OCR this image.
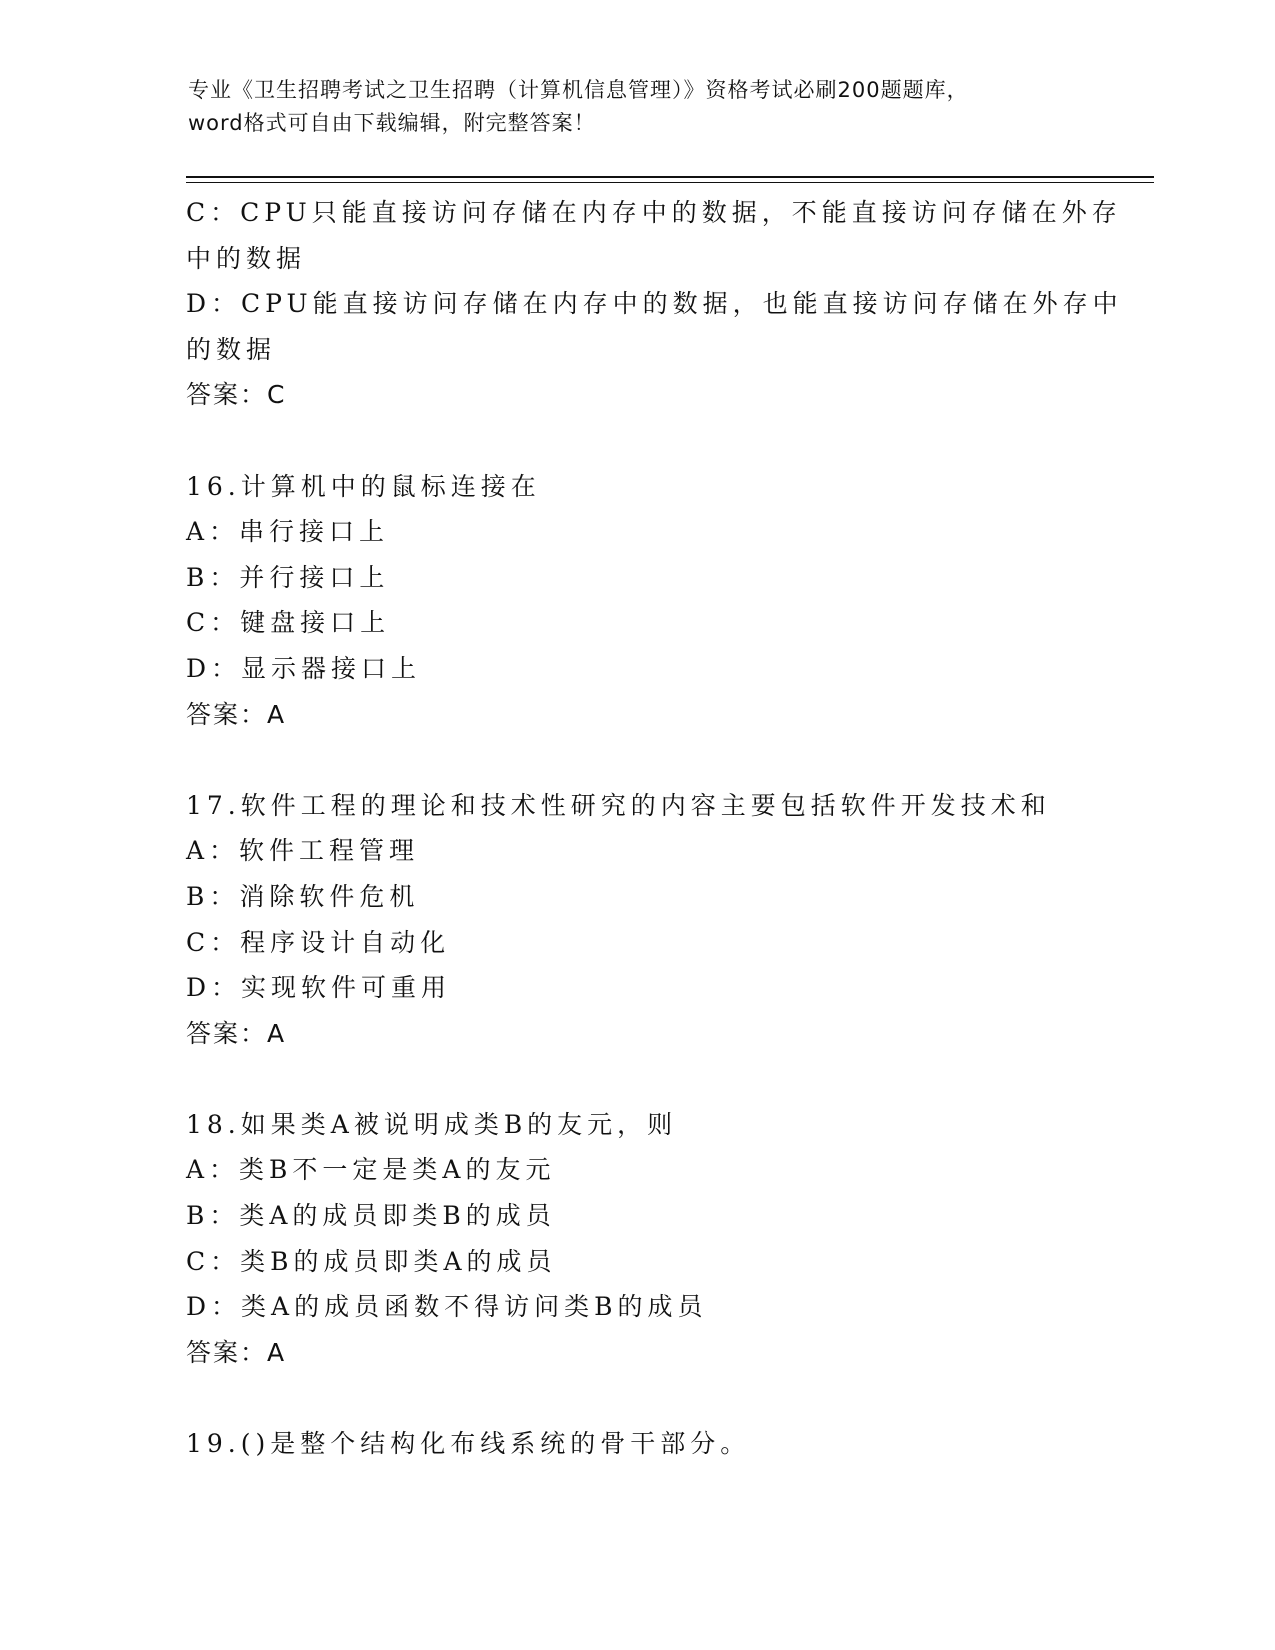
专业《卫生招聘考试之卫生招聘（计算机信息管理）》资格考试必刷200题题库，
word格式可自由下载编辑，附完整答案！
C：CPU只能直接访问存储在内存中的数据，不能直接访问存储在外存
中的数据
D：CPU能直接访问存储在内存中的数据，也能直接访问存储在外存中
的数据
答案：C
16.计算机中的鼠标连接在
A：串行接口上
B：并行接口上
C：键盘接口上
D：显示器接口上
答案：A
17.软件工程的理论和技术性研究的内容主要包括软件开发技术和
A：软件工程管理
B：消除软件危机
C：程序设计自动化
D：实现软件可重用
答案：A
18.如果类A被说明成类B的友元，则
A：类B不一定是类A的友元
B：类A的成员即类B的成员
C：类B的成员即类A的成员
D：类A的成员函数不得访问类B的成员
答案：A
19.()是整个结构化布线系统的骨干部分。
